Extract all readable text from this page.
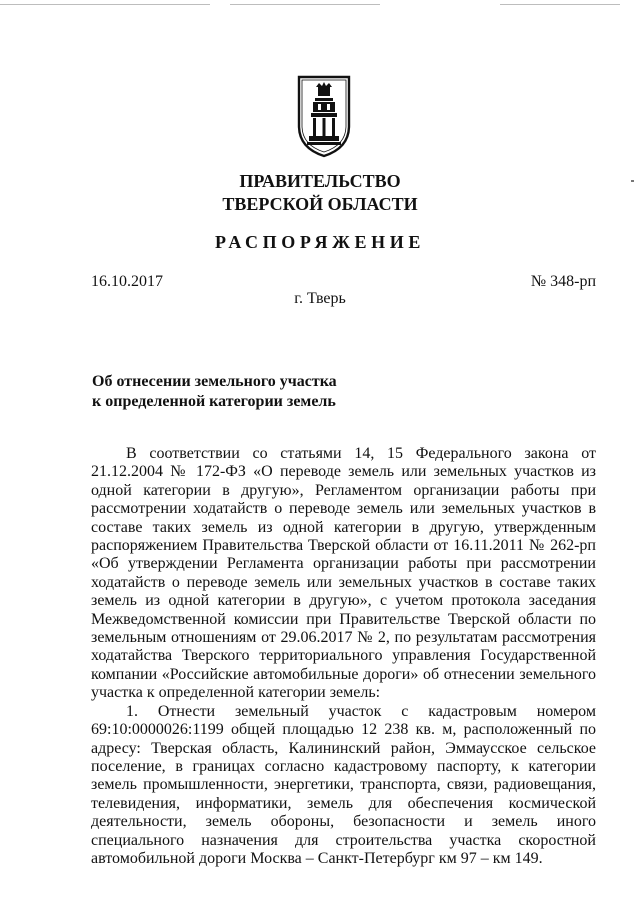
ПРАВИТЕЛЬСТВО
ТВЕРСКОЙ ОБЛАСТИ
РАСПОРЯЖЕНИЕ
16.10.2017	№ 348-рп
г. Тверь
Об отнесении земельного участка
к определенной категории земель

В соответствии со статьями 14, 15 Федерального закона от 21.12.2004 № 172-ФЗ «О переводе земель или земельных участков из одной категории в другую», Регламентом организации работы при рассмотрении ходатайств о переводе земель или земельных участков в составе таких земель из одной категории в другую, утвержденным распоряжением Правительства Тверской области от 16.11.2011 № 262-рп «Об утверждении Регламента организации работы при рассмотрении ходатайств о переводе земель или земельных участков в составе таких земель из одной категории в другую», с учетом протокола заседания Межведомственной комиссии при Правительстве Тверской области по земельным отношениям от 29.06.2017 № 2, по результатам рассмотрения ходатайства Тверского территориального управления Государственной компании «Российские автомобильные дороги» об отнесении земельного участка к определенной категории земель:

1. Отнести земельный участок с кадастровым номером 69:10:0000026:1199 общей площадью 12 238 кв. м, расположенный по адресу: Тверская область, Калининский район, Эммаусское сельское поселение, в границах согласно кадастровому паспорту, к категории земель промышленности, энергетики, транспорта, связи, радиовещания, телевидения, информатики, земель для обеспечения космической деятельности, земель обороны, безопасности и земель иного специального назначения для строительства участка скоростной автомобильной дороги Москва – Санкт-Петербург км 97 – км 149.
